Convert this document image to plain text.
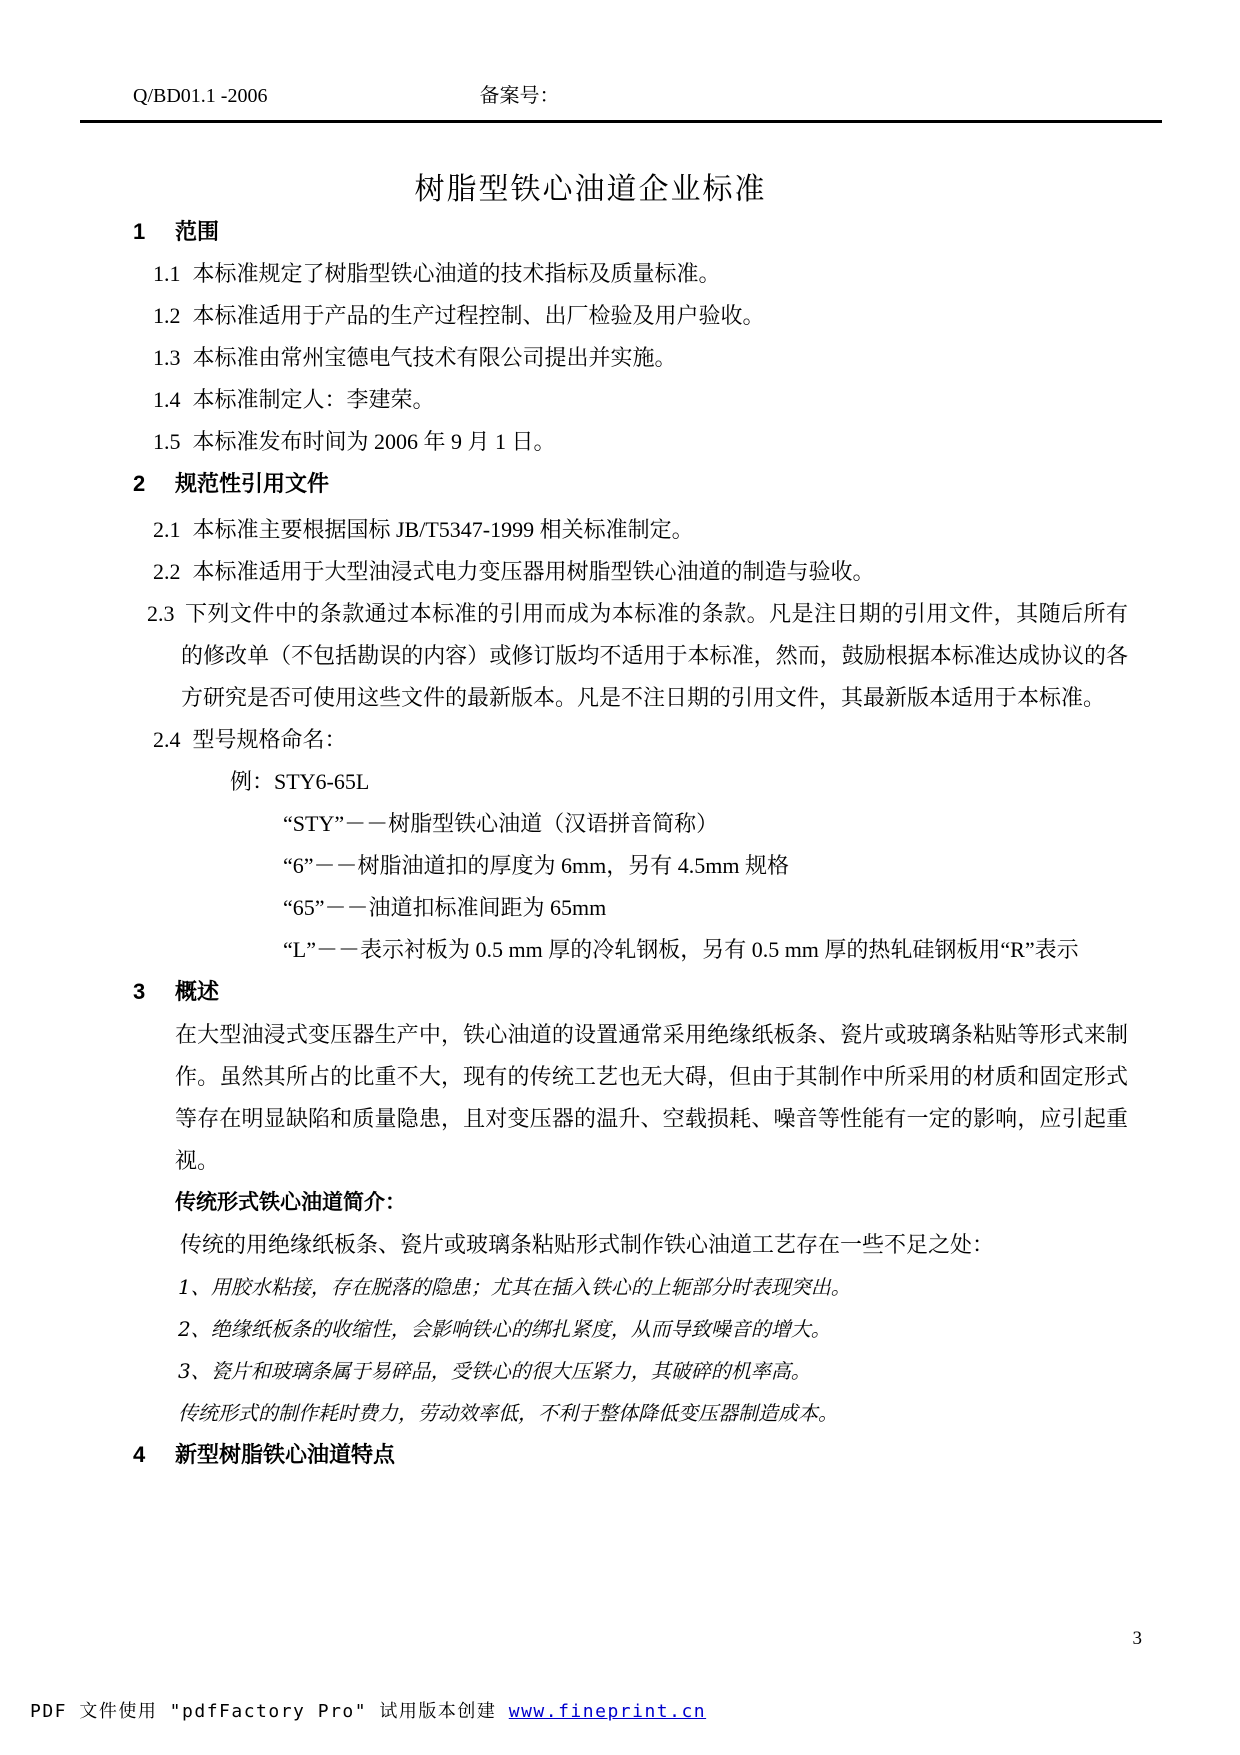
Q/BD01.1 -2006	备案号：
树脂型铁心油道企业标准
1 范围

1.1 本标准规定了树脂型铁心油道的技术指标及质量标准。

1.2 本标准适用于产品的生产过程控制、出厂检验及用户验收。

1.3 本标准由常州宝德电气技术有限公司提出并实施。

1.4 本标准制定人：李建荣。

1.5 本标准发布时间为 2006 年 9 月 1 日。

2 规范性引用文件

2.1 本标准主要根据国标 JB/T5347-1999 相关标准制定。

2.2 本标准适用于大型油浸式电力变压器用树脂型铁心油道的制造与验收。

2.3 下列文件中的条款通过本标准的引用而成为本标准的条款。凡是注日期的引用文件，其随后所有的修改单（不包括勘误的内容）或修订版均不适用于本标准，然而，鼓励根据本标准达成协议的各方研究是否可使用这些文件的最新版本。凡是不注日期的引用文件，其最新版本适用于本标准。

2.4 型号规格命名：

例：STY6-65L

“STY”－－树脂型铁心油道（汉语拼音简称）

“6”－－树脂油道扣的厚度为 6mm，另有 4.5mm 规格

“65”－－油道扣标准间距为 65mm

“L”－－表示衬板为 0.5 mm 厚的冷轧钢板，另有 0.5 mm 厚的热轧硅钢板用“R”表示

3 概述

在大型油浸式变压器生产中，铁心油道的设置通常采用绝缘纸板条、瓷片或玻璃条粘贴等形式来制作。虽然其所占的比重不大，现有的传统工艺也无大碍，但由于其制作中所采用的材质和固定形式等存在明显缺陷和质量隐患，且对变压器的温升、空载损耗、噪音等性能有一定的影响，应引起重视。

传统形式铁心油道简介：

传统的用绝缘纸板条、瓷片或玻璃条粘贴形式制作铁心油道工艺存在一些不足之处：

1、用胶水粘接，存在脱落的隐患；尤其在插入铁心的上轭部分时表现突出。

2、绝缘纸板条的收缩性，会影响铁心的绑扎紧度，从而导致噪音的增大。

3、瓷片和玻璃条属于易碎品，受铁心的很大压紧力，其破碎的机率高。

传统形式的制作耗时费力，劳动效率低，不利于整体降低变压器制造成本。

4 新型树脂铁心油道特点
3
PDF 文件使用 "pdfFactory Pro" 试用版本创建 www.fineprint.cn
